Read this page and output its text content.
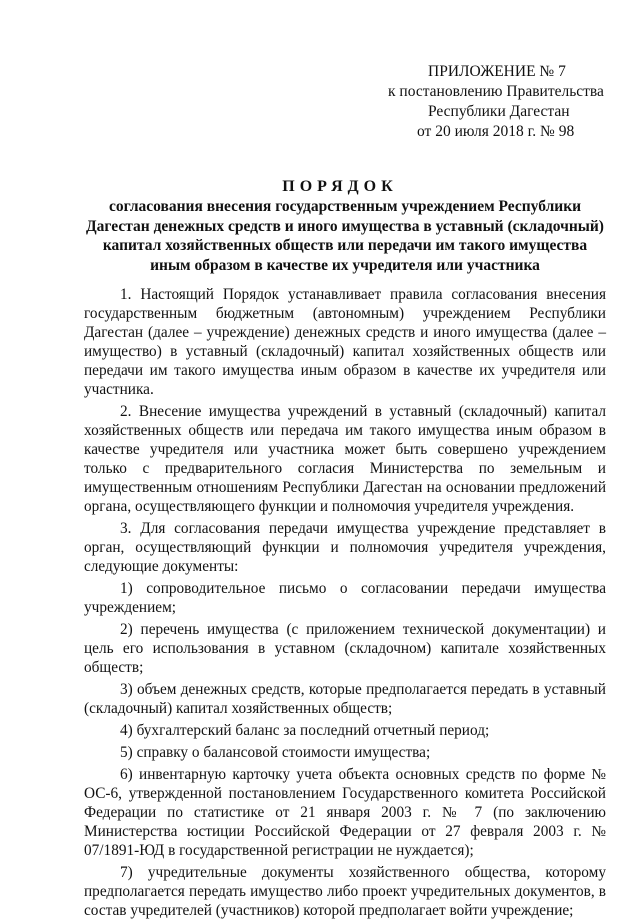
ПРИЛОЖЕНИЕ № 7
к постановлению Правительства
Республики Дагестан
от 20 июля 2018 г. № 98
ПОРЯДОК
согласования внесения государственным учреждением Республики Дагестан денежных средств и иного имущества в уставный (складочный) капитал хозяйственных обществ или передачи им такого имущества иным образом в качестве их учредителя или участника

1. Настоящий Порядок устанавливает правила согласования внесения государственным бюджетным (автономным) учреждением Республики Дагестан (далее – учреждение) денежных средств и иного имущества (далее – имущество) в уставный (складочный) капитал хозяйственных обществ или передачи им такого имущества иным образом в качестве их учредителя или участника.

2. Внесение имущества учреждений в уставный (складочный) капитал хозяйственных обществ или передача им такого имущества иным образом в качестве учредителя или участника может быть совершено учреждением только с предварительного согласия Министерства по земельным и имущественным отношениям Республики Дагестан на основании предложений органа, осуществляющего функции и полномочия учредителя учреждения.

3. Для согласования передачи имущества учреждение представляет в орган, осуществляющий функции и полномочия учредителя учреждения, следующие документы:

1) сопроводительное письмо о согласовании передачи имущества учреждением;

2) перечень имущества (с приложением технической документации) и цель его использования в уставном (складочном) капитале хозяйственных обществ;

3) объем денежных средств, которые предполагается передать в уставный (складочный) капитал хозяйственных обществ;

4) бухгалтерский баланс за последний отчетный период;

5) справку о балансовой стоимости имущества;

6) инвентарную карточку учета объекта основных средств по форме № ОС-6, утвержденной постановлением Государственного комитета Российской Федерации по статистике от 21 января 2003 г. № 7 (по заключению Министерства юстиции Российской Федерации от 27 февраля 2003 г. № 07/1891-ЮД в государственной регистрации не нуждается);

7) учредительные документы хозяйственного общества, которому предполагается передать имущество либо проект учредительных документов, в состав учредителей (участников) которой предполагает войти учреждение;
